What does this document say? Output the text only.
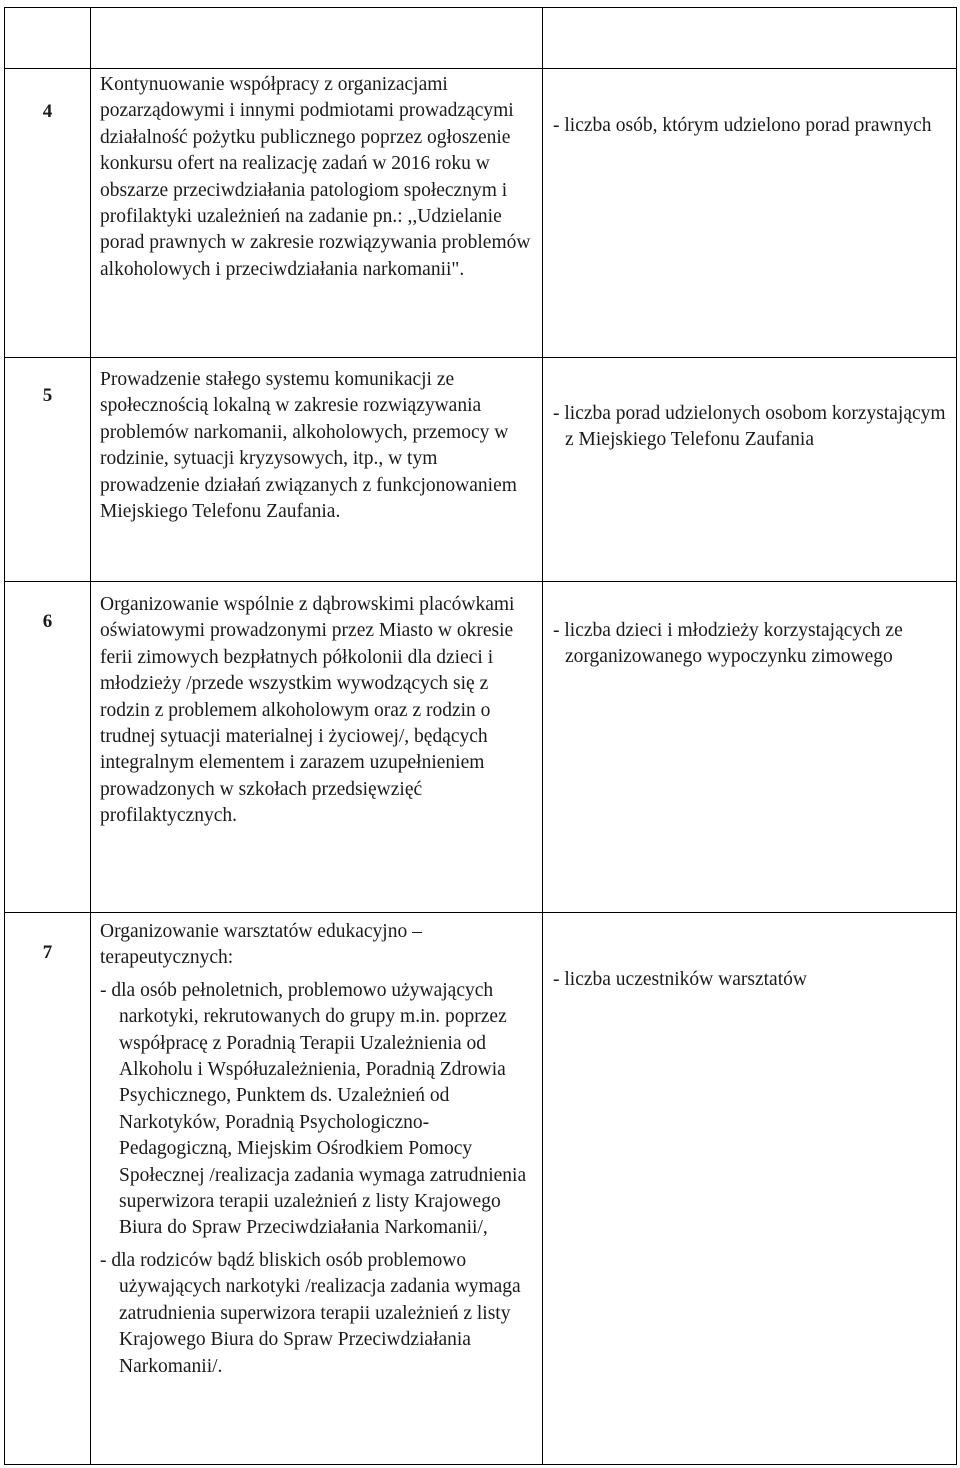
4	Kontynuowanie współpracy z organizacjami pozarządowymi i innymi podmiotami prowadzącymi działalność pożytku publicznego poprzez ogłoszenie konkursu ofert na realizację zadań w 2016 roku w obszarze przeciwdziałania patologiom społecznym i profilaktyki uzależnień na zadanie pn.: ,,Udzielanie porad prawnych w zakresie rozwiązywania problemów alkoholowych i przeciwdziałania narkomanii".	- liczba osób, którym udzielono porad prawnych

5	Prowadzenie stałego systemu komunikacji ze społecznością lokalną w zakresie rozwiązywania problemów narkomanii, alkoholowych, przemocy w rodzinie, sytuacji kryzysowych, itp., w tym prowadzenie działań związanych z funkcjonowaniem Miejskiego Telefonu Zaufania.	- liczba porad udzielonych osobom korzystającym z Miejskiego Telefonu Zaufania

6	Organizowanie wspólnie z dąbrowskimi placówkami oświatowymi prowadzonymi przez Miasto w okresie ferii zimowych bezpłatnych półkolonii dla dzieci i młodzieży /przede wszystkim wywodzących się z rodzin z problemem alkoholowym oraz z rodzin o trudnej sytuacji materialnej i życiowej/, będących integralnym elementem i zarazem uzupełnieniem prowadzonych w szkołach przedsięwzięć profilaktycznych.	- liczba dzieci i młodzieży korzystających ze zorganizowanego wypoczynku zimowego

7	Organizowanie warsztatów edukacyjno – terapeutycznych:

- dla osób pełnoletnich, problemowo używających narkotyki, rekrutowanych do grupy m.in. poprzez współpracę z Poradnią Terapii Uzależnienia od Alkoholu i Współuzależnienia, Poradnią Zdrowia Psychicznego, Punktem ds. Uzależnień od Narkotyków, Poradnią Psychologiczno-Pedagogiczną, Miejskim Ośrodkiem Pomocy Społecznej /realizacja zadania wymaga zatrudnienia superwizora terapii uzależnień z listy Krajowego Biura do Spraw Przeciwdziałania Narkomanii/,

- dla rodziców bądź bliskich osób problemowo używających narkotyki /realizacja zadania wymaga zatrudnienia superwizora terapii uzależnień z listy Krajowego Biura do Spraw Przeciwdziałania Narkomanii/.	- liczba uczestników warsztatów
